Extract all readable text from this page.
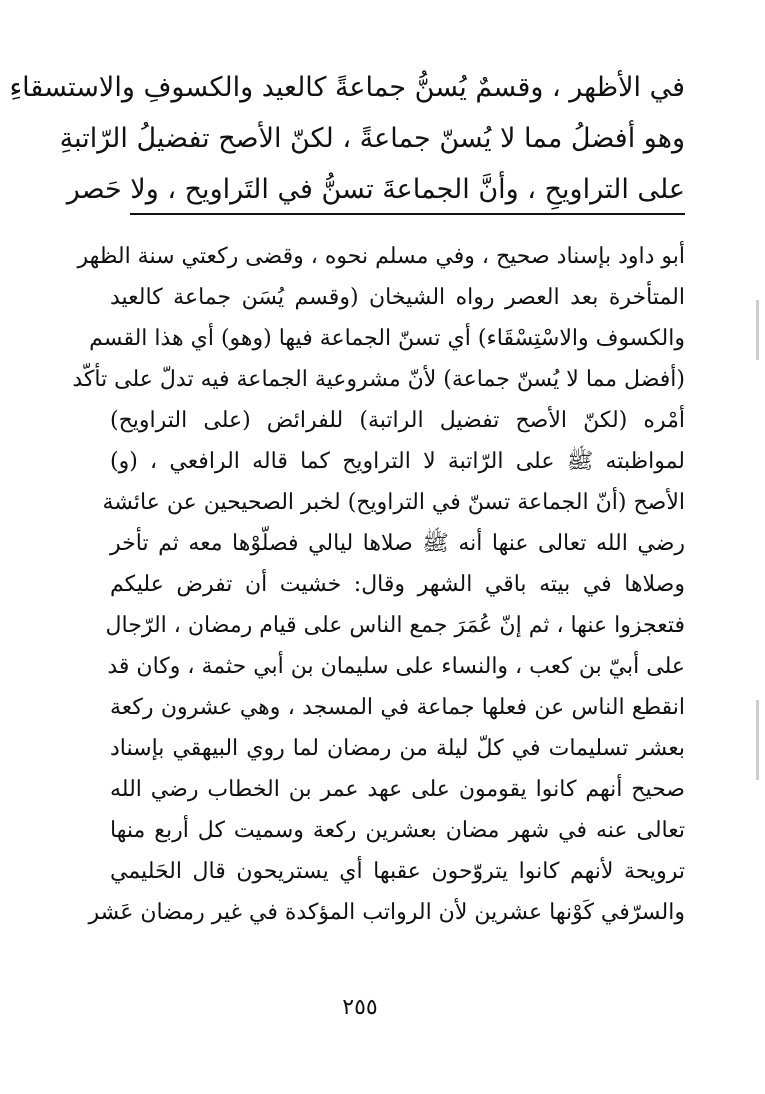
في الأظهر ، وقسمٌ يُسنُّ جماعةً كالعيد والكسوفِ والاستسقاءِ
وهو أفضلُ مما لا يُسنّ جماعةً ، لكنّ الأصح تفضيلُ الرّاتبةِ
على التراويحِ ، وأنَّ الجماعةَ تسنُّ في التَراويح ، ولا حَصر
أبو داود بإسناد صحيح ، وفي مسلم نحوه ، وقضى ركعتي سنة الظهر
المتأخرة بعد العصر رواه الشيخان (وقسم يُسَن جماعة كالعيد
والكسوف والاسْتِسْقَاء) أي تسنّ الجماعة فيها (وهو) أي هذا القسم
(أفضل مما لا يُسنّ جماعة) لأنّ مشروعية الجماعة فيه تدلّ على تأكّد
أمْره (لكنّ الأصح تفضيل الراتبة) للفرائض (على التراويح)
لمواظبته ﷺ على الرّاتبة لا التراويح كما قاله الرافعي ، (و)
الأصح (أنّ الجماعة تسنّ في التراويح) لخبر الصحيحين عن عائشة
رضي الله تعالى عنها أنه ﷺ صلاها ليالي فصلّوْها معه ثم تأخر
وصلاها في بيته باقي الشهر وقال: خشيت أن تفرض عليكم
فتعجزوا عنها ، ثم إنّ عُمَرَ جمع الناس على قيام رمضان ، الرّجال
على أبيّ بن كعب ، والنساء على سليمان بن أبي حثمة ، وكان قد
انقطع الناس عن فعلها جماعة في المسجد ، وهي عشرون ركعة
بعشر تسليمات في كلّ ليلة من رمضان لما روي البيهقي بإسناد
صحيح أنهم كانوا يقومون على عهد عمر بن الخطاب رضي الله
تعالى عنه في شهر مضان بعشرين ركعة وسميت كل أربع منها
ترويحة لأنهم كانوا يتروّحون عقبها أي يستريحون قال الحَليمي
والسرّفي كَوْنها عشرين لأن الرواتب المؤكدة في غير رمضان عَشر
٢٥٥
